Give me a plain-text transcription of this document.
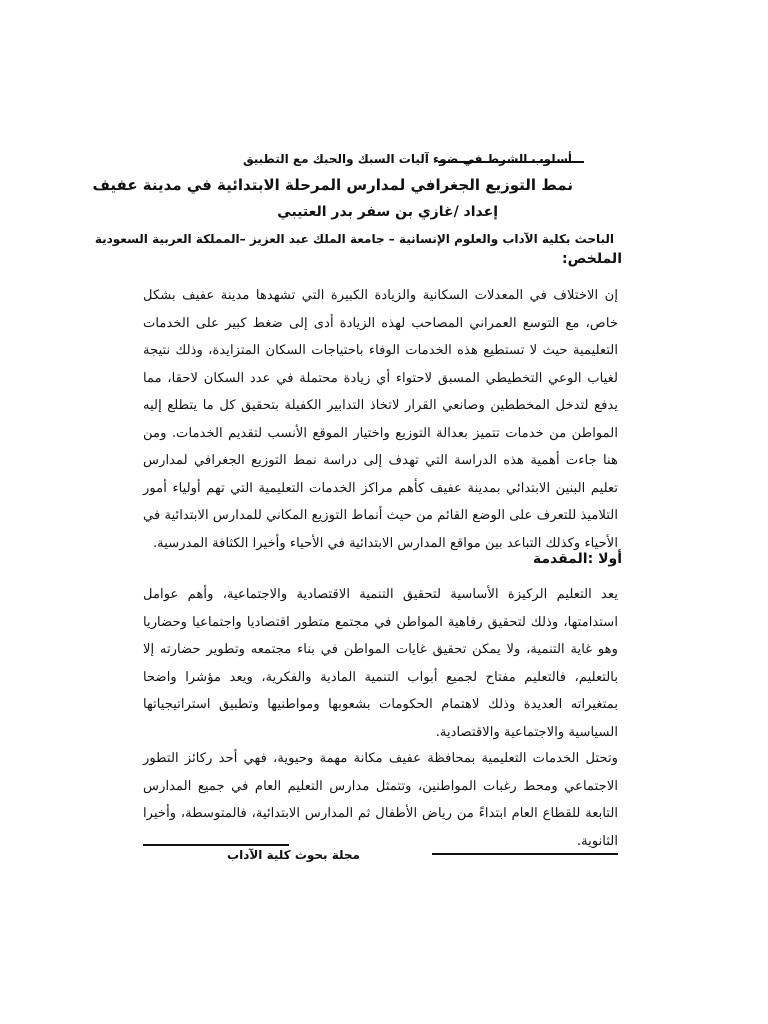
أسلوب الشرط في ضوء آليات السبك والحبك مع التطبيق
نمط التوزيع الجغرافي لمدارس المرحلة الابتدائية في مدينة عفيف
إعداد /غازي بن سفر بدر العتيبي
الباحث بكلية الآداب والعلوم الإنسانية – جامعة الملك عبد العزيز –المملكة العربية السعودية
الملخص:
إن الاختلاف في المعدلات السكانية والزيادة الكبيرة التي تشهدها مدينة عفيف بشكل خاص، مع التوسع العمراني المصاحب لهذه الزيادة أدى إلى ضغط كبير على الخدمات التعليمية حيث لا تستطيع هذه الخدمات الوفاء باحتياجات السكان المتزايدة، وذلك نتيجة لغياب الوعي التخطيطي المسبق لاحتواء أي زيادة محتملة في عدد السكان لاحقا، مما يدفع لتدخل المخططين وصانعي القرار لاتخاذ التدابير الكفيلة بتحقيق كل ما يتطلع إليه المواطن من خدمات تتميز بعدالة التوزيع واختيار الموقع الأنسب لتقديم الخدمات. ومن هنا جاءت أهمية هذه الدراسة التي تهدف إلى دراسة نمط التوزيع الجغرافي لمدارس تعليم البنين الابتدائي بمدينة عفيف كأهم مراكز الخدمات التعليمية التي تهم أولياء أمور التلاميذ للتعرف على الوضع القائم من حيث أنماط التوزيع المكاني للمدارس الابتدائية في الأحياء وكذلك التباعد بين مواقع المدارس الابتدائية في الأحياء وأخيرا الكثافة المدرسية.
أولا :المقدمة
يعد التعليم الركيزة الأساسية لتحقيق التنمية الاقتصادية والاجتماعية، وأهم عوامل استدامتها، وذلك لتحقيق رفاهية المواطن في مجتمع متطور اقتصاديا واجتماعيا وحضاريا وهو غاية التنمية، ولا يمكن تحقيق غايات المواطن في بناء مجتمعه وتطوير حضارته إلا بالتعليم، فالتعليم مفتاح لجميع أبواب التنمية المادية والفكرية، ويعد مؤشرا واضحا بمتغيراته العديدة وذلك لاهتمام الحكومات بشعوبها ومواطنيها وتطبيق استراتيجياتها السياسية والاجتماعية والاقتصادية.
وتحتل الخدمات التعليمية بمحافظة عفيف مكانة مهمة وحيوية، فهي أحد ركائز التطور الاجتماعي ومحط رغبات المواطنين، وتتمثل مدارس التعليم العام في جميع المدارس التابعة للقطاع العام ابتداءً من رياض الأطفال ثم المدارس الابتدائية، فالمتوسطة، وأخيرا الثانوية.
مجلة بحوث كلية الآداب
